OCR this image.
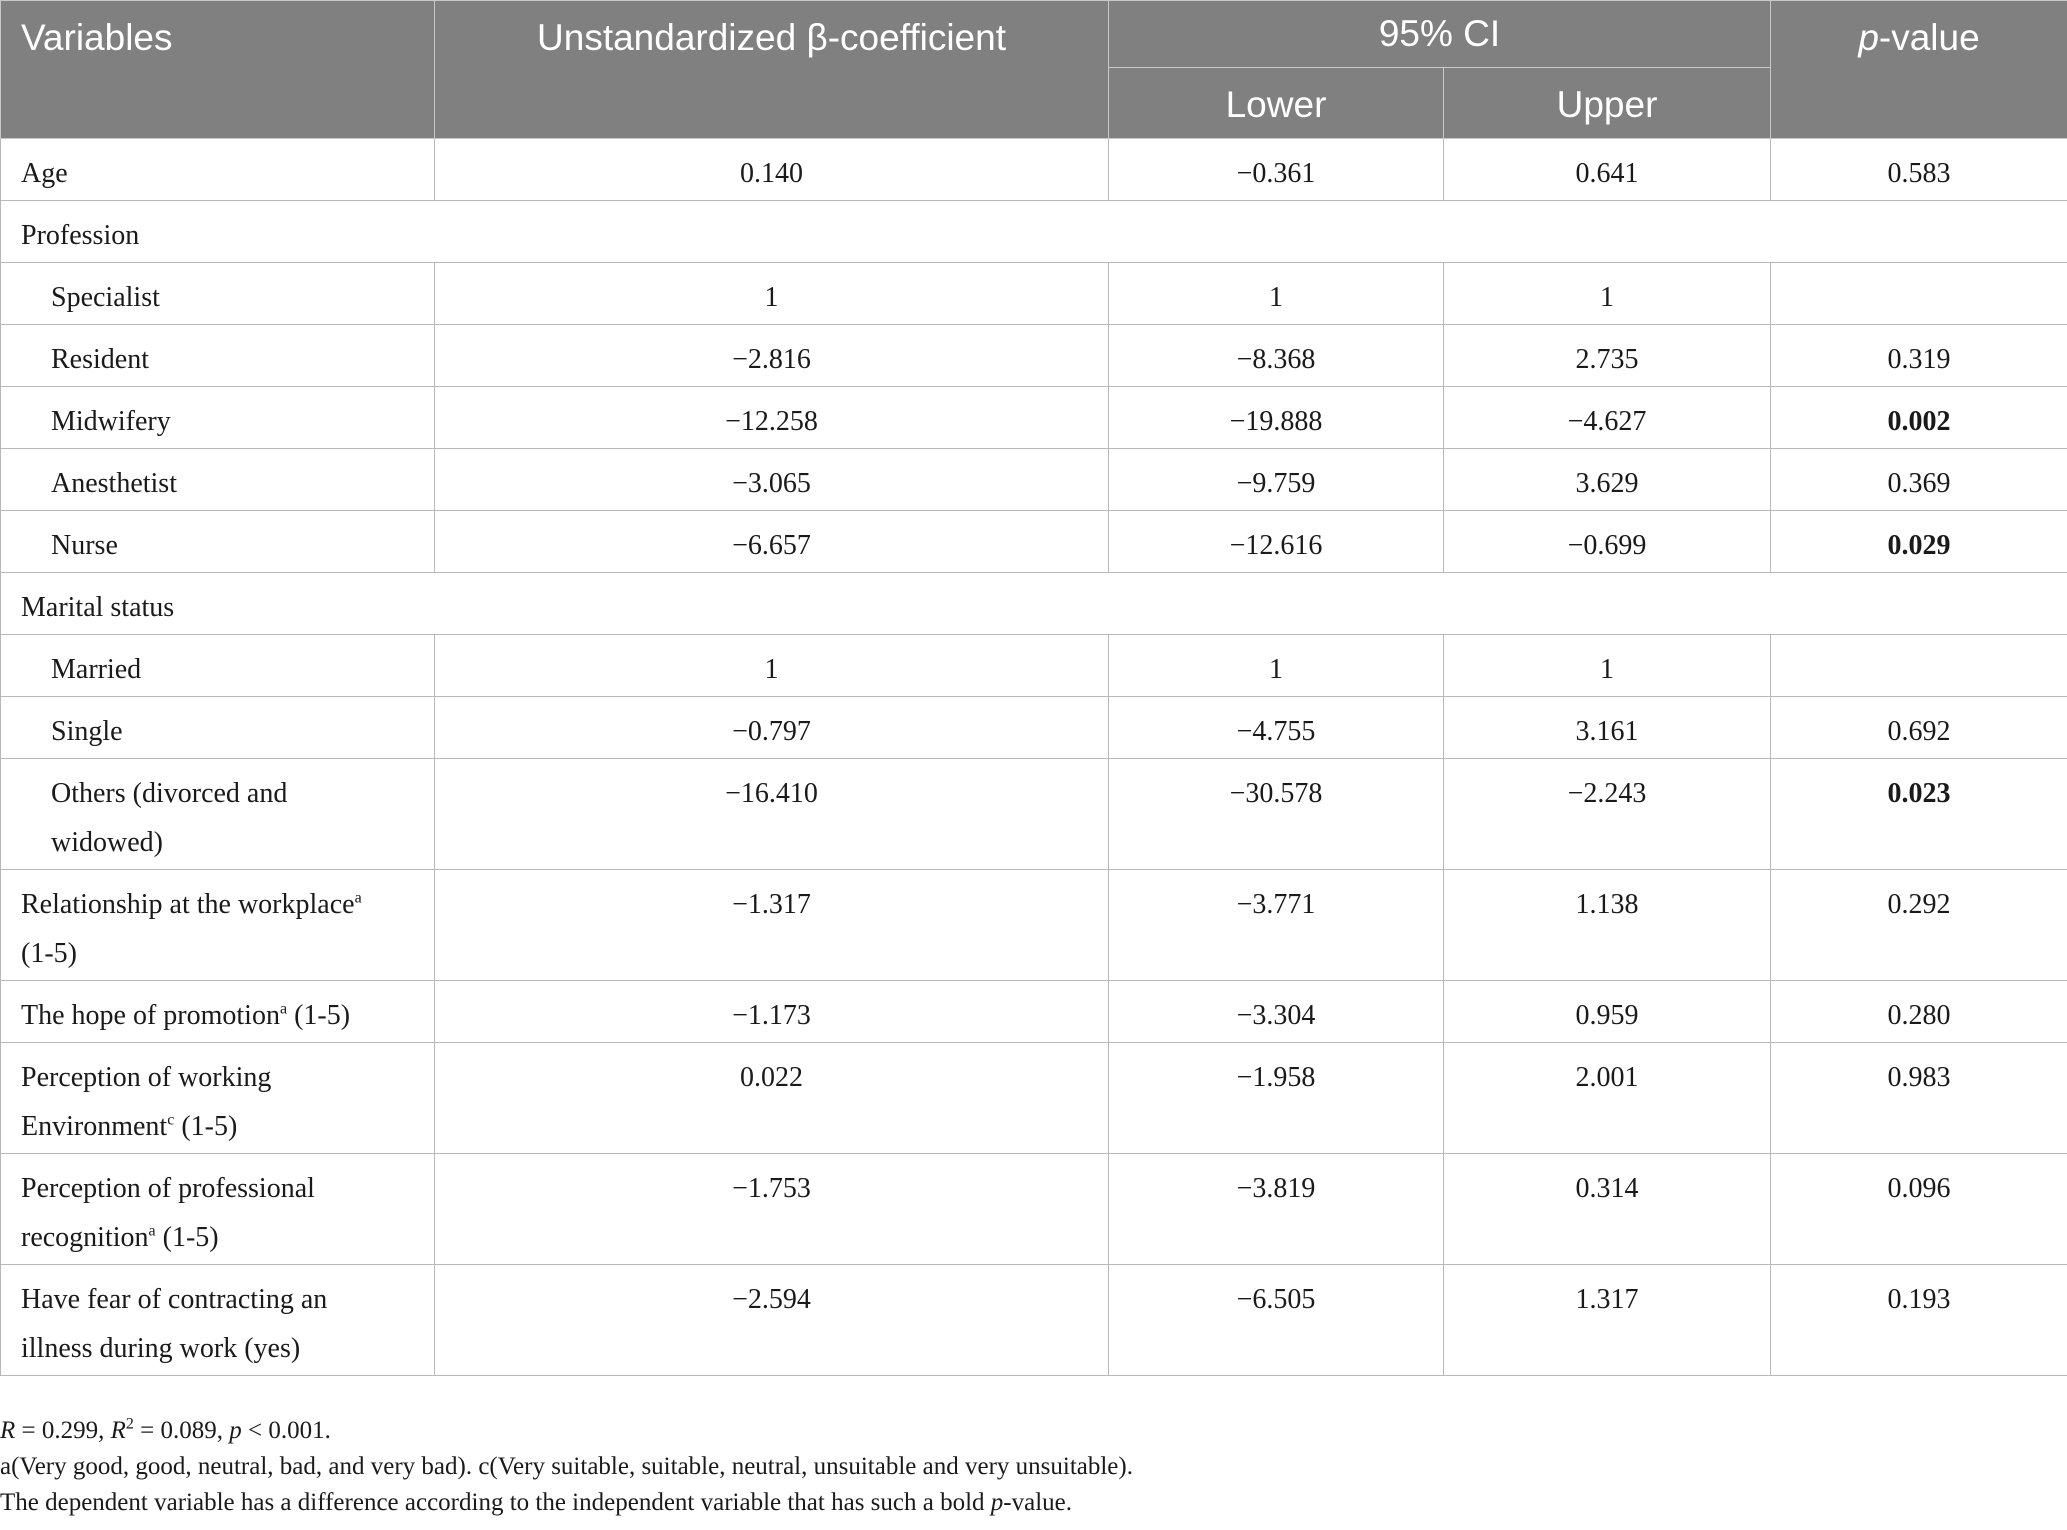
Variables	Unstandardized β-coefficient	95% CI		p-value
		Lower	Upper	
Age	0.140	−0.361	0.641	0.583
Profession				
Specialist	1	1	1	
Resident	−2.816	−8.368	2.735	0.319
Midwifery	−12.258	−19.888	−4.627	0.002
Anesthetist	−3.065	−9.759	3.629	0.369
Nurse	−6.657	−12.616	−0.699	0.029
Marital status				
Married	1	1	1	
Single	−0.797	−4.755	3.161	0.692
Others (divorced and
widowed)	−16.410	−30.578	−2.243	0.023
Relationship at the workplace$^a$
(1-5)	−1.317	−3.771	1.138	0.292
The hope of promotion$^a$ (1-5)	−1.173	−3.304	0.959	0.280
Perception of working
Environment$^c$ (1-5)	0.022	−1.958	2.001	0.983
Perception of professional
recognition$^a$ (1-5)	−1.753	−3.819	0.314	0.096
Have fear of contracting an
illness during work (yes)	−2.594	−6.505	1.317	0.193
R = 0.299, $R^2 = 0.089$, p < 0.001.
a(Very good, good, neutral, bad, and very bad). c(Very suitable, suitable, neutral, unsuitable and very unsuitable).
The dependent variable has a difference according to the independent variable that has such a bold p-value.
